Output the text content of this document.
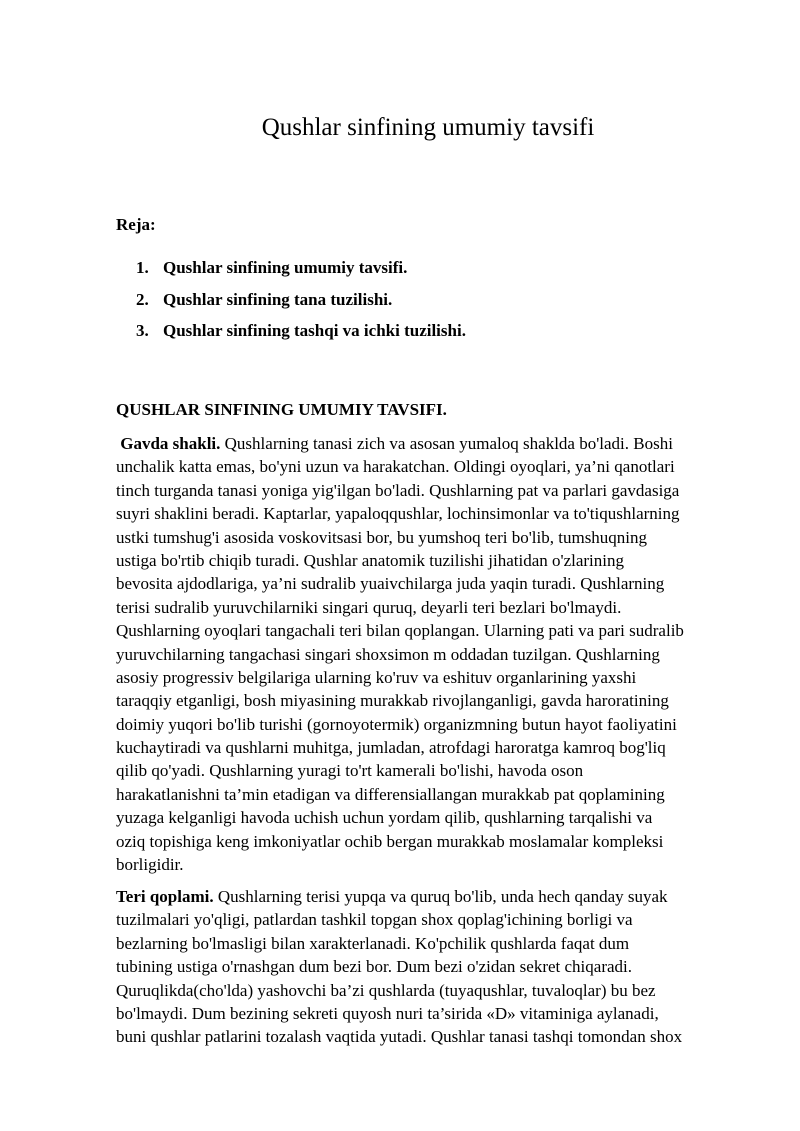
Qushlar sinfining umumiy tavsifi

Reja:

1. Qushlar sinfining umumiy tavsifi.
2. Qushlar sinfining tana tuzilishi.
3. Qushlar sinfining tashqi va ichki tuzilishi.
QUSHLAR SINFINING UMUMIY TAVSIFI.
Gavda shakli. Qushlarning tanasi zich va asosan yumaloq shaklda bo'ladi. Boshi
unchalik katta emas, bo'yni uzun va harakatchan. Oldingi oyoqlari, ya’ni qanotlari
tinch turganda tanasi yoniga yig'ilgan bo'ladi. Qushlarning pat va parlari gavdasiga
suyri shaklini beradi. Kaptarlar, yapaloqqushlar, lochinsimonlar va to'tiqushlarning
ustki tumshug'i asosida voskovitsasi bor, bu yumshoq teri bo'lib, tumshuqning
ustiga bo'rtib chiqib turadi. Qushlar anatomik tuzilishi jihatidan o'zlarining
bevosita ajdodlariga, ya’ni sudralib yuaivchilarga juda yaqin turadi. Qushlarning
terisi sudralib yuruvchilarniki singari quruq, deyarli teri bezlari bo'lmaydi.
Qushlarning oyoqlari tangachali teri bilan qoplangan. Ularning pati va pari sudralib
yuruvchilarning tangachasi singari shoxsimon m oddadan tuzilgan. Qushlarning
asosiy progressiv belgilariga ularning ko'ruv va eshituv organlarining yaxshi
taraqqiy etganligi, bosh miyasining murakkab rivojlanganligi, gavda haroratining
doimiy yuqori bo'lib turishi (gornoyotermik) organizmning butun hayot faoliyatini
kuchaytiradi va qushlarni muhitga, jumladan, atrofdagi haroratga kamroq bog'liq
qilib qo'yadi. Qushlarning yuragi to'rt kamerali bo'lishi, havoda oson
harakatlanishni ta’min etadigan va differensiallangan murakkab pat qoplamining
yuzaga kelganligi havoda uchish uchun yordam qilib, qushlarning tarqalishi va
oziq topishiga keng imkoniyatlar ochib bergan murakkab moslamalar kompleksi
borligidir.
Teri qoplami. Qushlarning terisi yupqa va quruq bo'lib, unda hech qanday suyak
tuzilmalari yo'qligi, patlardan tashkil topgan shox qoplag'ichining borligi va
bezlarning bo'lmasligi bilan xarakterlanadi. Ko'pchilik qushlarda faqat dum
tubining ustiga o'rnashgan dum bezi bor. Dum bezi o'zidan sekret chiqaradi.
Quruqlikda(cho'lda) yashovchi ba’zi qushlarda (tuyaqushlar, tuvaloqlar) bu bez
bo'lmaydi. Dum bezining sekreti quyosh nuri ta’sirida «D» vitaminiga aylanadi,
buni qushlar patlarini tozalash vaqtida yutadi. Qushlar tanasi tashqi tomondan shox
